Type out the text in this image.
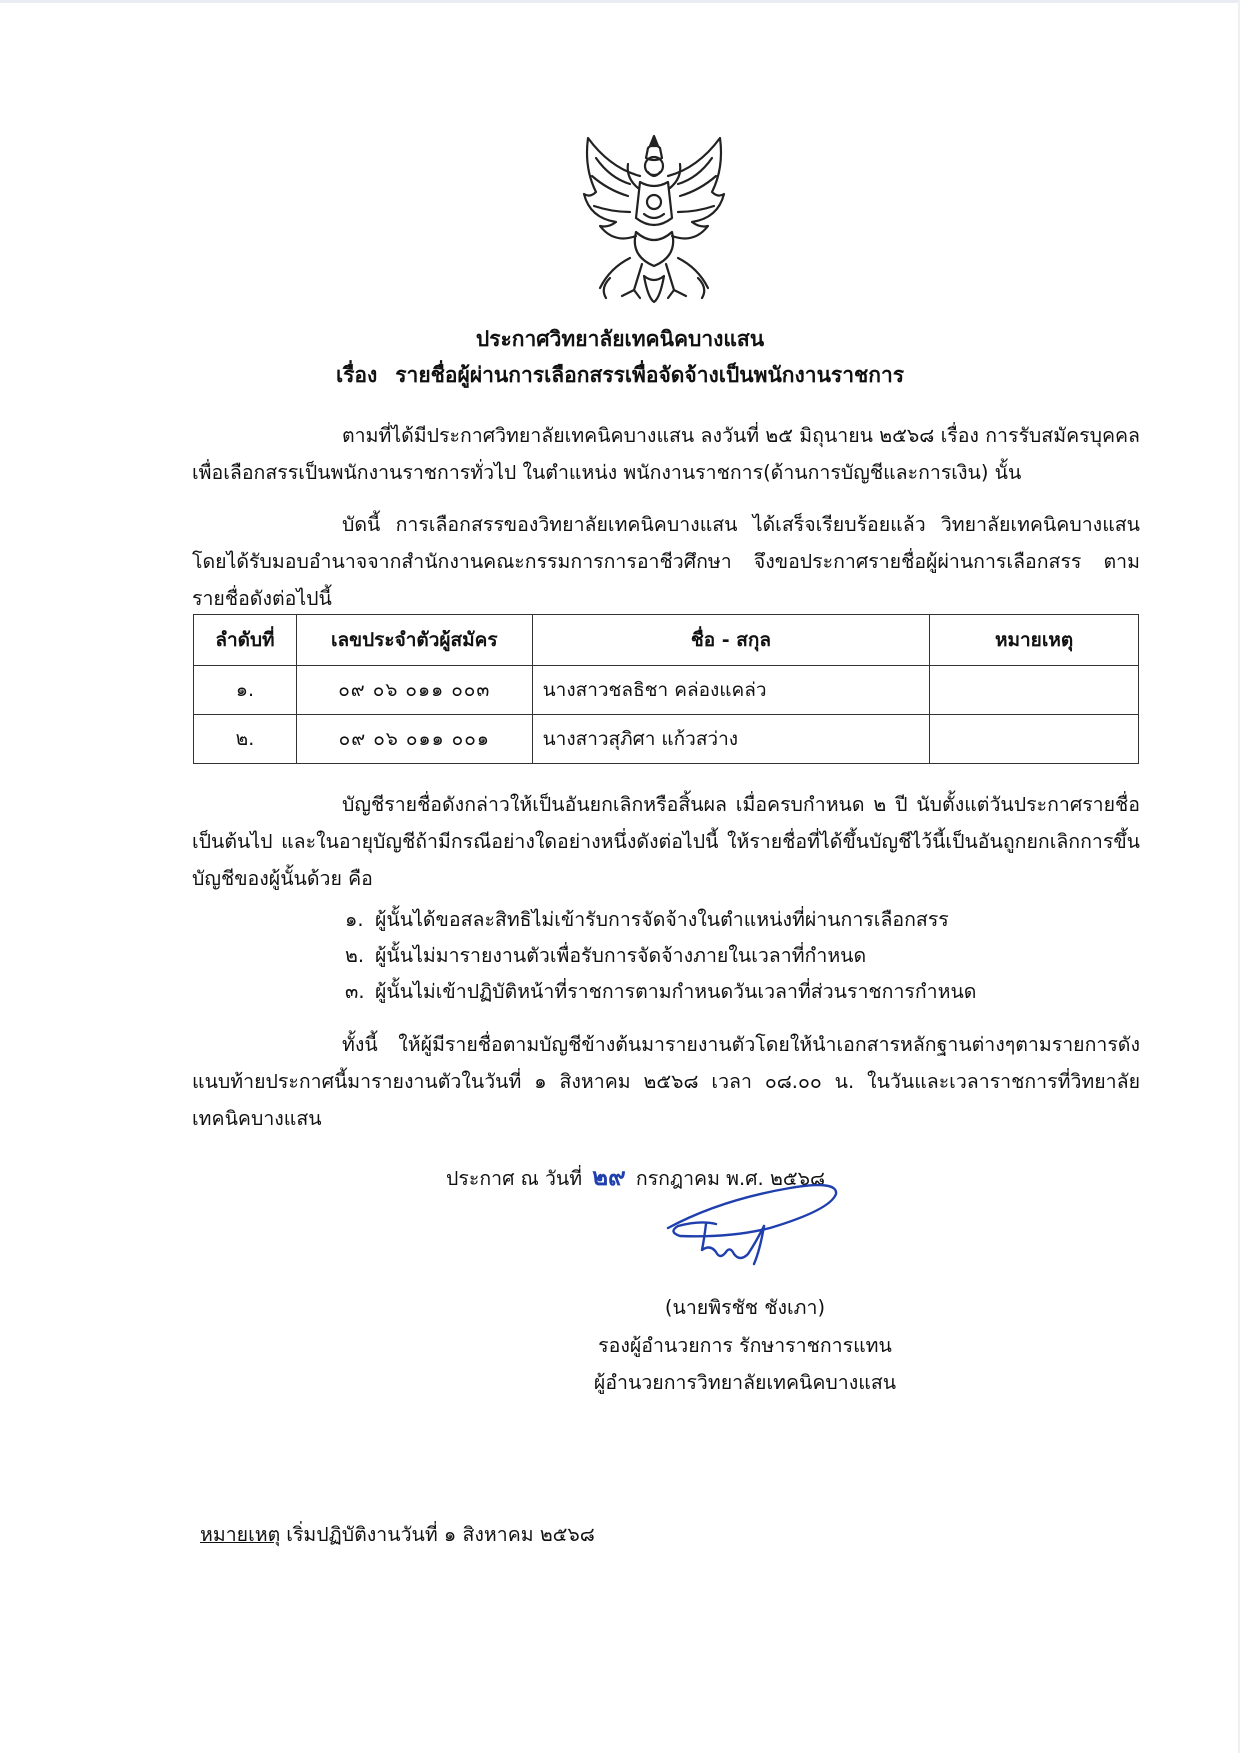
ประกาศวิทยาลัยเทคนิคบางแสน
เรื่อง รายชื่อผู้ผ่านการเลือกสรรเพื่อจัดจ้างเป็นพนักงานราชการ
ตามที่ได้มีประกาศวิทยาลัยเทคนิคบางแสน ลงวันที่ ๒๕ มิถุนายน ๒๕๖๘ เรื่อง การรับสมัครบุคคลเพื่อเลือกสรรเป็นพนักงานราชการทั่วไป ในตำแหน่ง พนักงานราชการ(ด้านการบัญชีและการเงิน) นั้น
บัดนี้ การเลือกสรรของวิทยาลัยเทคนิคบางแสน ได้เสร็จเรียบร้อยแล้ว วิทยาลัยเทคนิคบางแสน โดยได้รับมอบอำนาจจากสำนักงานคณะกรรมการการอาชีวศึกษา จึงขอประกาศรายชื่อผู้ผ่านการเลือกสรร ตามรายชื่อดังต่อไปนี้
ลำดับที่	เลขประจำตัวผู้สมัคร	ชื่อ - สกุล	หมายเหตุ
๑.	๐๙ ๐๖ ๐๑๑ ๐๐๓	นางสาวชลธิชา คล่องแคล่ว	
๒.	๐๙ ๐๖ ๐๑๑ ๐๐๑	นางสาวสุภิศา แก้วสว่าง	
บัญชีรายชื่อดังกล่าวให้เป็นอันยกเลิกหรือสิ้นผล เมื่อครบกำหนด ๒ ปี นับตั้งแต่วันประกาศรายชื่อเป็นต้นไป และในอายุบัญชีถ้ามีกรณีอย่างใดอย่างหนึ่งดังต่อไปนี้ ให้รายชื่อที่ได้ขึ้นบัญชีไว้นี้เป็นอันถูกยกเลิกการขึ้นบัญชีของผู้นั้นด้วย คือ
๑. ผู้นั้นได้ขอสละสิทธิไม่เข้ารับการจัดจ้างในตำแหน่งที่ผ่านการเลือกสรร
๒. ผู้นั้นไม่มารายงานตัวเพื่อรับการจัดจ้างภายในเวลาที่กำหนด
๓. ผู้นั้นไม่เข้าปฏิบัติหน้าที่ราชการตามกำหนดวันเวลาที่ส่วนราชการกำหนด
ทั้งนี้ ให้ผู้มีรายชื่อตามบัญชีข้างต้นมารายงานตัวโดยให้นำเอกสารหลักฐานต่างๆตามรายการดังแนบท้ายประกาศนี้มารายงานตัวในวันที่ ๑ สิงหาคม ๒๕๖๘ เวลา ๐๘.๐๐ น. ในวันและเวลาราชการที่วิทยาลัยเทคนิคบางแสน
ประกาศ ณ วันที่ ๒๙ กรกฎาคม พ.ศ. ๒๕๖๘
(นายพิรชัช ชังเภา)
รองผู้อำนวยการ รักษาราชการแทน
ผู้อำนวยการวิทยาลัยเทคนิคบางแสน
หมายเหตุ เริ่มปฏิบัติงานวันที่ ๑ สิงหาคม ๒๕๖๘
